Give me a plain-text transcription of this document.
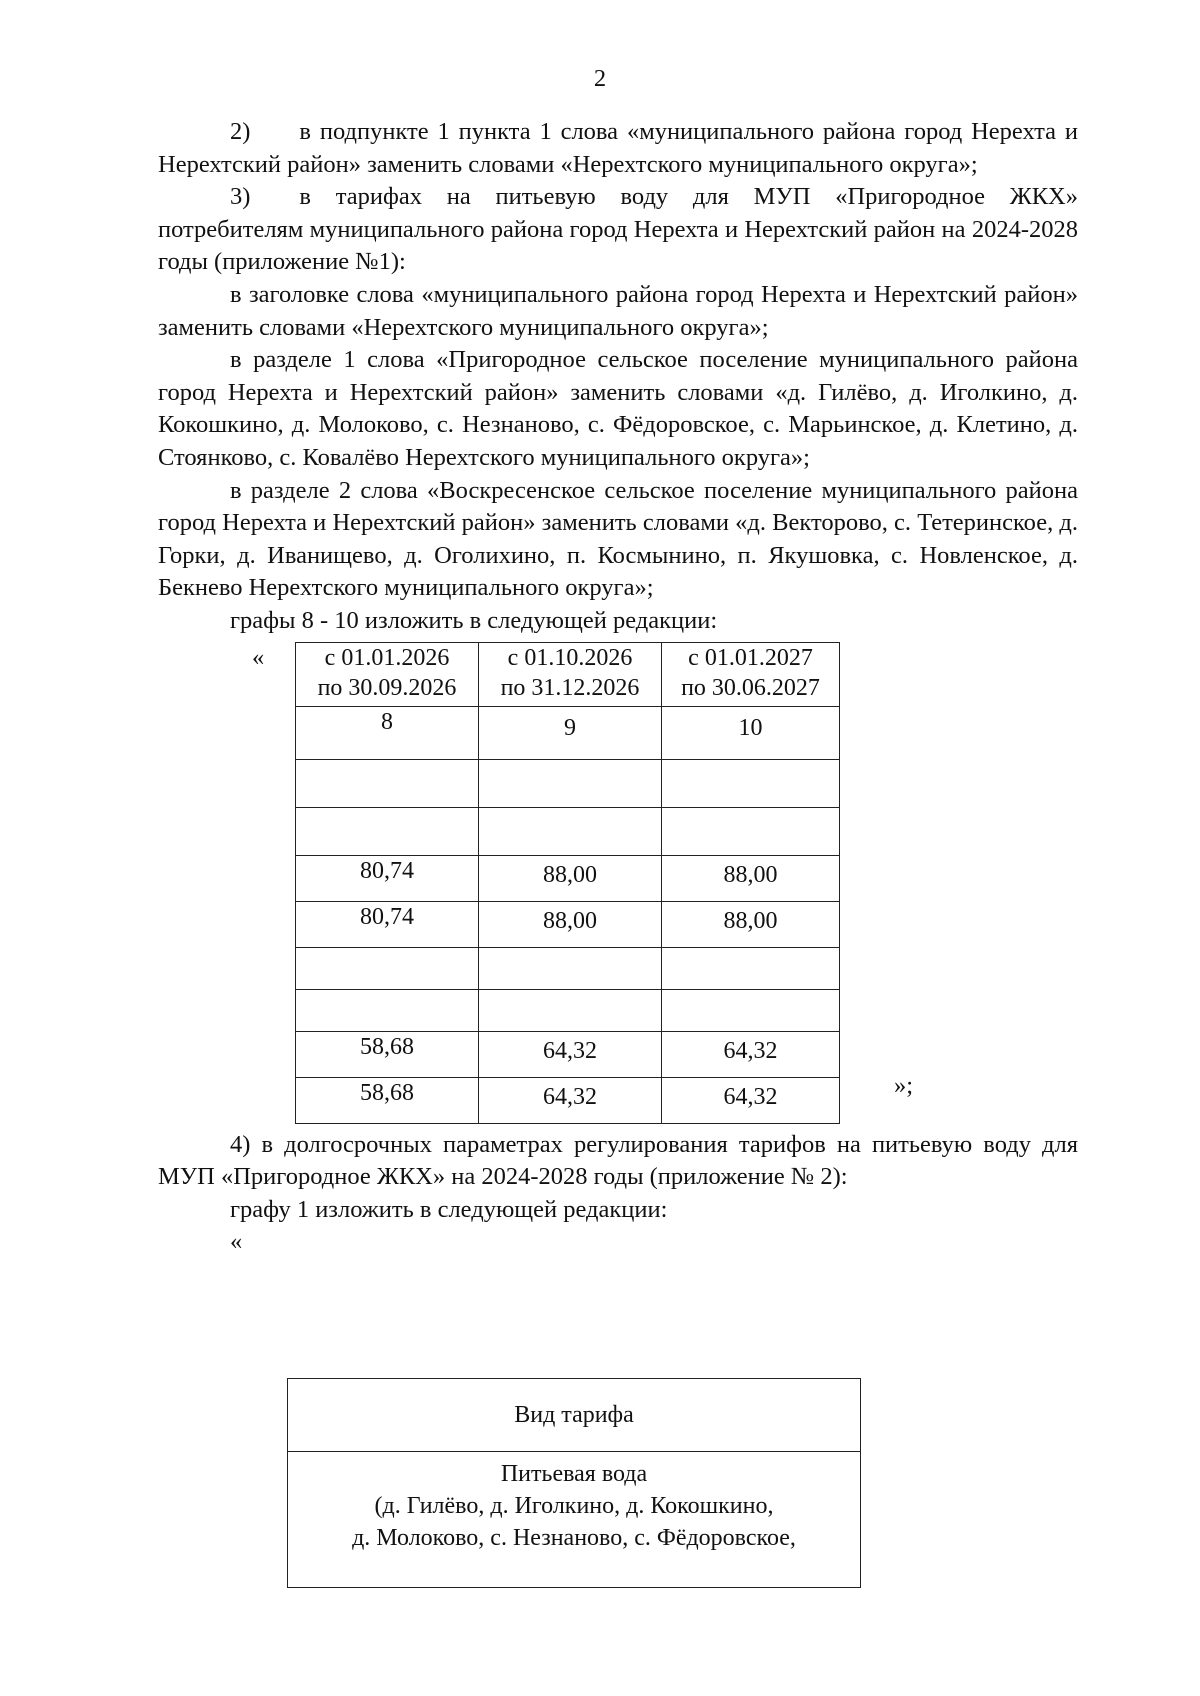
2

2)  в подпункте 1 пункта 1 слова «муниципального района город Нерехта и Нерехтский район» заменить словами «Нерехтского муниципального округа»;

3)  в тарифах на питьевую воду для МУП «Пригородное ЖКХ» потребителям муниципального района город Нерехта и Нерехтский район на 2024-2028 годы (приложение №1):

в заголовке слова «муниципального района город Нерехта и Нерехтский район» заменить словами «Нерехтского муниципального округа»;

в разделе 1 слова «Пригородное сельское поселение муниципального района город Нерехта и Нерехтский район» заменить словами «д. Гилёво, д. Иголкино, д. Кокошкино, д. Молоково, с. Незнаново, с. Фёдоровское, с. Марьинское, д. Клетино, д. Стоянково, с. Ковалёво Нерехтского муниципального округа»;

в разделе 2 слова «Воскресенское сельское поселение муниципального района город Нерехта и Нерехтский район» заменить словами «д. Векторово, с. Тетеринское, д. Горки, д. Иванищево, д. Оголихино, п. Космынино, п. Якушовка, с. Новленское, д. Бекнево Нерехтского муниципального округа»;

графы 8 - 10 изложить в следующей редакции:

«	с 01.01.2026
по 30.09.2026	с 01.10.2026
по 31.12.2026	с 01.01.2027
по 30.06.2027
8	9	10

80,74	88,00	88,00
80,74	88,00	88,00

58,68	64,32	64,32
58,68	64,32	64,32	»;

4) в долгосрочных параметрах регулирования тарифов на питьевую воду для МУП «Пригородное ЖКХ» на 2024-2028 годы (приложение № 2):

графу 1 изложить в следующей редакции:

«

Вид тарифа
Питьевая вода
(д. Гилёво, д. Иголкино, д. Кокошкино,
д. Молоково, с. Незнаново, с. Фёдоровское,
